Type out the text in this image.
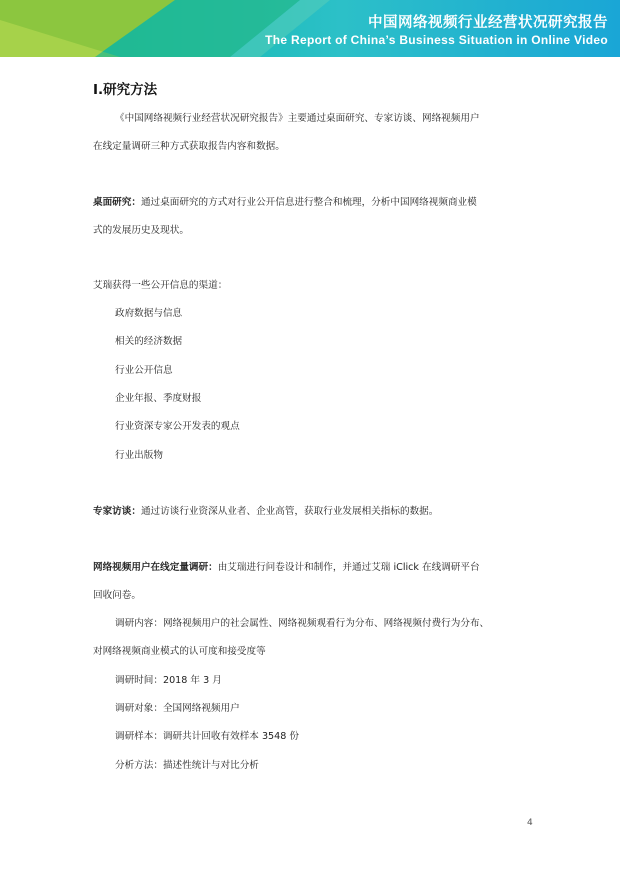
中国网络视频行业经营状况研究报告
The Report of China’s Business Situation in Online Video
Ⅰ.研究方法
《中国网络视频行业经营状况研究报告》主要通过桌面研究、专家访谈、网络视频用户
在线定量调研三种方式获取报告内容和数据。
桌面研究：通过桌面研究的方式对行业公开信息进行整合和梳理，分析中国网络视频商业模
式的发展历史及现状。
艾瑞获得一些公开信息的渠道：
政府数据与信息
相关的经济数据
行业公开信息
企业年报、季度财报
行业资深专家公开发表的观点
行业出版物
专家访谈：通过访谈行业资深从业者、企业高管，获取行业发展相关指标的数据。
网络视频用户在线定量调研：由艾瑞进行问卷设计和制作，并通过艾瑞 iClick 在线调研平台
回收问卷。
调研内容：网络视频用户的社会属性、网络视频观看行为分布、网络视频付费行为分布、
对网络视频商业模式的认可度和接受度等
调研时间：2018 年 3 月
调研对象：全国网络视频用户
调研样本：调研共计回收有效样本 3548 份
分析方法：描述性统计与对比分析
4
